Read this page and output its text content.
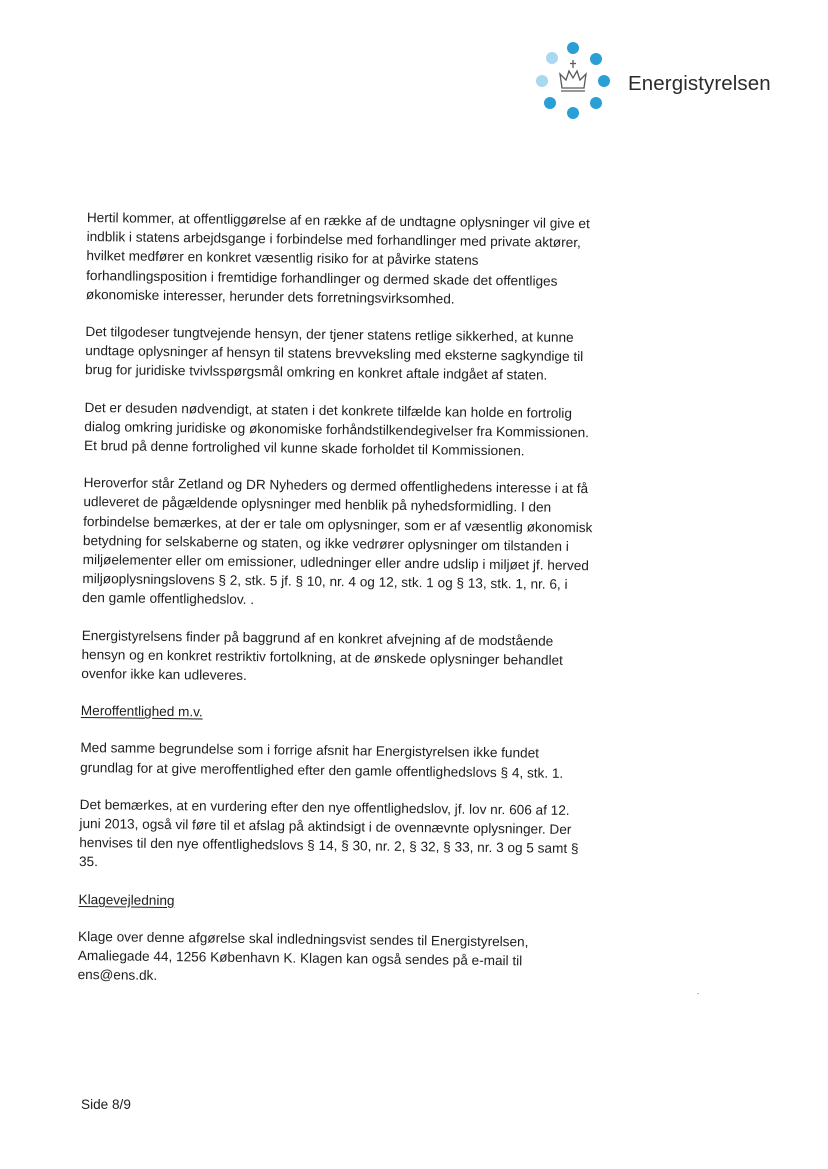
Energistyrelsen

Hertil kommer, at offentliggørelse af en række af de undtagne oplysninger vil give et indblik i statens arbejdsgange i forbindelse med forhandlinger med private aktører, hvilket medfører en konkret væsentlig risiko for at påvirke statens forhandlingsposition i fremtidige forhandlinger og dermed skade det offentliges økonomiske interesser, herunder dets forretningsvirksomhed.

Det tilgodeser tungtvejende hensyn, der tjener statens retlige sikkerhed, at kunne undtage oplysninger af hensyn til statens brevveksling med eksterne sagkyndige til brug for juridiske tvivlsspørgsmål omkring en konkret aftale indgået af staten.

Det er desuden nødvendigt, at staten i det konkrete tilfælde kan holde en fortrolig dialog omkring juridiske og økonomiske forhåndstilkendegivelser fra Kommissionen. Et brud på denne fortrolighed vil kunne skade forholdet til Kommissionen.

Heroverfor står Zetland og DR Nyheders og dermed offentlighedens interesse i at få udleveret de pågældende oplysninger med henblik på nyhedsformidling. I den forbindelse bemærkes, at der er tale om oplysninger, som er af væsentlig økonomisk betydning for selskaberne og staten, og ikke vedrører oplysninger om tilstanden i miljøelementer eller om emissioner, udledninger eller andre udslip i miljøet jf. herved miljøoplysningslovens § 2, stk. 5 jf. § 10, nr. 4 og 12, stk. 1 og § 13, stk. 1, nr. 6, i den gamle offentlighedslov. .

Energistyrelsens finder på baggrund af en konkret afvejning af de modstående hensyn og en konkret restriktiv fortolkning, at de ønskede oplysninger behandlet ovenfor ikke kan udleveres.

Meroffentlighed m.v.

Med samme begrundelse som i forrige afsnit har Energistyrelsen ikke fundet grundlag for at give meroffentlighed efter den gamle offentlighedslovs § 4, stk. 1.

Det bemærkes, at en vurdering efter den nye offentlighedslov, jf. lov nr. 606 af 12. juni 2013, også vil føre til et afslag på aktindsigt i de ovennævnte oplysninger. Der henvises til den nye offentlighedslovs § 14, § 30, nr. 2, § 32, § 33, nr. 3 og 5 samt § 35.

Klagevejledning

Klage over denne afgørelse skal indledningsvist sendes til Energistyrelsen, Amaliegade 44, 1256 København K. Klagen kan også sendes på e-mail til ens@ens.dk.

Side 8/9
